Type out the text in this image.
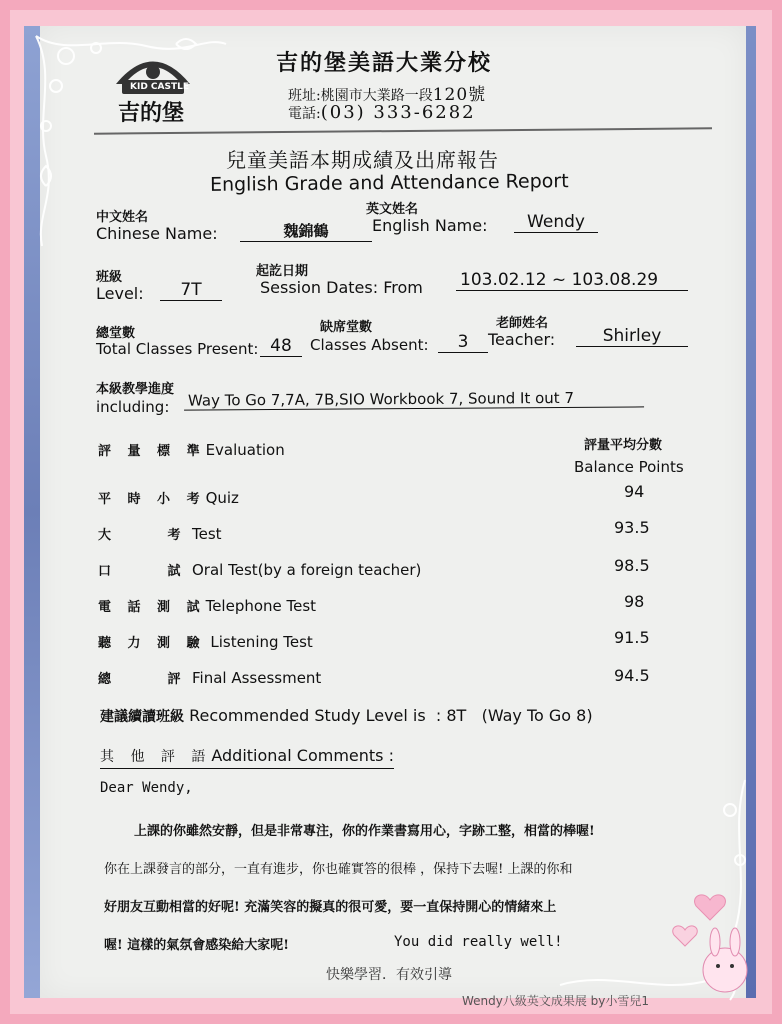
KID CASTLE
吉的堡
吉的堡美語大業分校
班址:桃園市大業路一段120號
電話:(03) 333-6282
兒童美語本期成績及出席報告
English Grade and Attendance Report
中文姓名
Chinese Name:	魏錦鶴
英文姓名
English Name:	Wendy
班級
Level:	7T
起訖日期
Session Dates: From 103.02.12 ~ 103.08.29
總堂數
Total Classes Present: 48
缺席堂數
Classes Absent:	3
老師姓名
Teacher:	Shirley
本級教學進度
including: Way To Go 7,7A, 7B,SIO Workbook 7, Sound It out 7
評 量 標 準Evaluation	評量平均分數
Balance Points
平 時 小 考Quiz	94
大 考 Test	93.5
口 試 Oral Test(by a foreign teacher)	98.5
電 話 測 試Telephone Test	98
聽 力 測 驗 Listening Test	91.5
總 評 Final Assessment	94.5
建議續讀班級 Recommended Study Level is : 8T (Way To Go 8)
其 他 評 語Additional Comments :
Dear Wendy,
上課的你雖然安靜，但是非常專注，你的作業書寫用心，字跡工整，相當的棒喔!
你在上課發言的部分，一直有進步，你也確實答的很棒 ，保持下去喔! 上課的你和
好朋友互動相當的好呢! 充滿笑容的擬真的很可愛，要一直保持開心的情緒來上
喔! 這樣的氣氛會感染給大家呢!	You did really well!
快樂學習．有效引導
Wendy八級英文成果展 by小雪兒1
